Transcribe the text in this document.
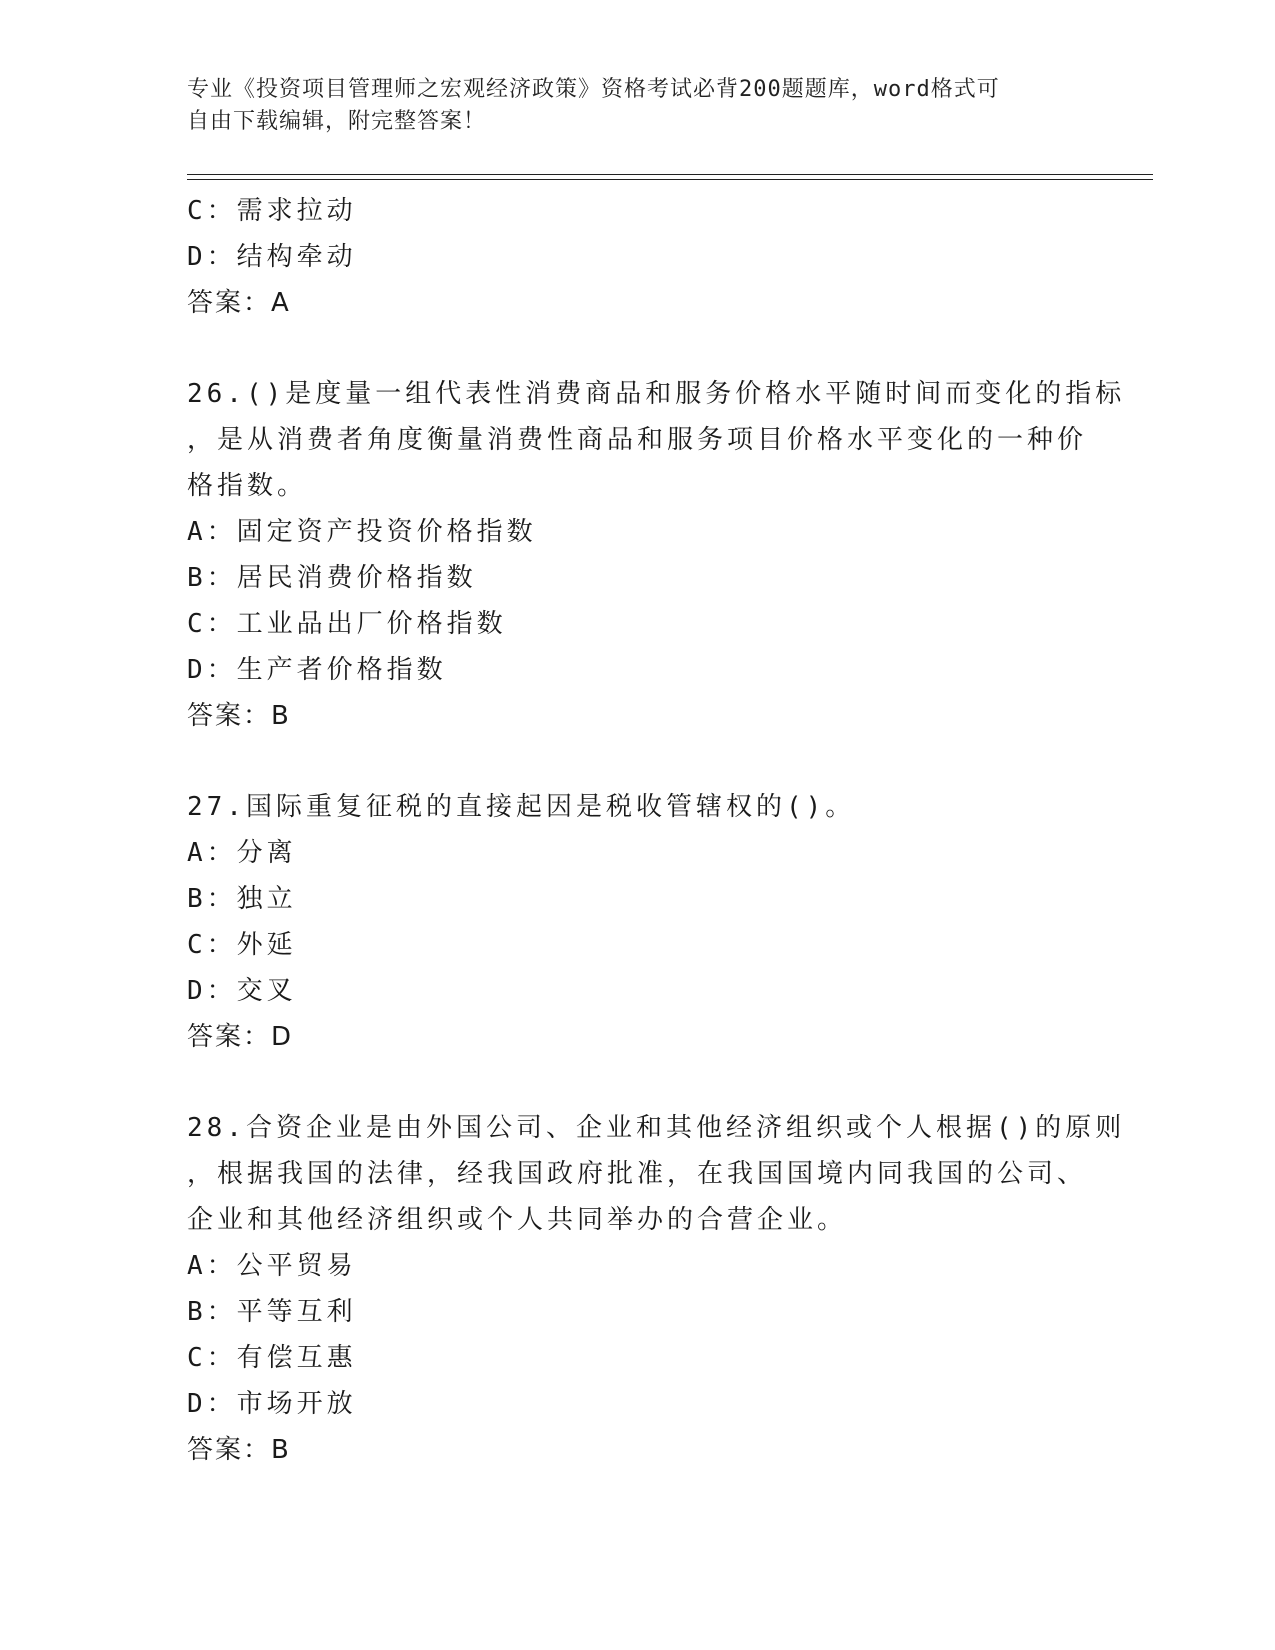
专业《投资项目管理师之宏观经济政策》资格考试必背200题题库，word格式可
自由下载编辑，附完整答案！
C：需求拉动
D：结构牵动
答案：A
26.()是度量一组代表性消费商品和服务价格水平随时间而变化的指标
，是从消费者角度衡量消费性商品和服务项目价格水平变化的一种价
格指数。
A：固定资产投资价格指数
B：居民消费价格指数
C：工业品出厂价格指数
D：生产者价格指数
答案：B
27.国际重复征税的直接起因是税收管辖权的()。
A：分离
B：独立
C：外延
D：交叉
答案：D
28.合资企业是由外国公司、企业和其他经济组织或个人根据()的原则
，根据我国的法律，经我国政府批准，在我国国境内同我国的公司、
企业和其他经济组织或个人共同举办的合营企业。
A：公平贸易
B：平等互利
C：有偿互惠
D：市场开放
答案：B
